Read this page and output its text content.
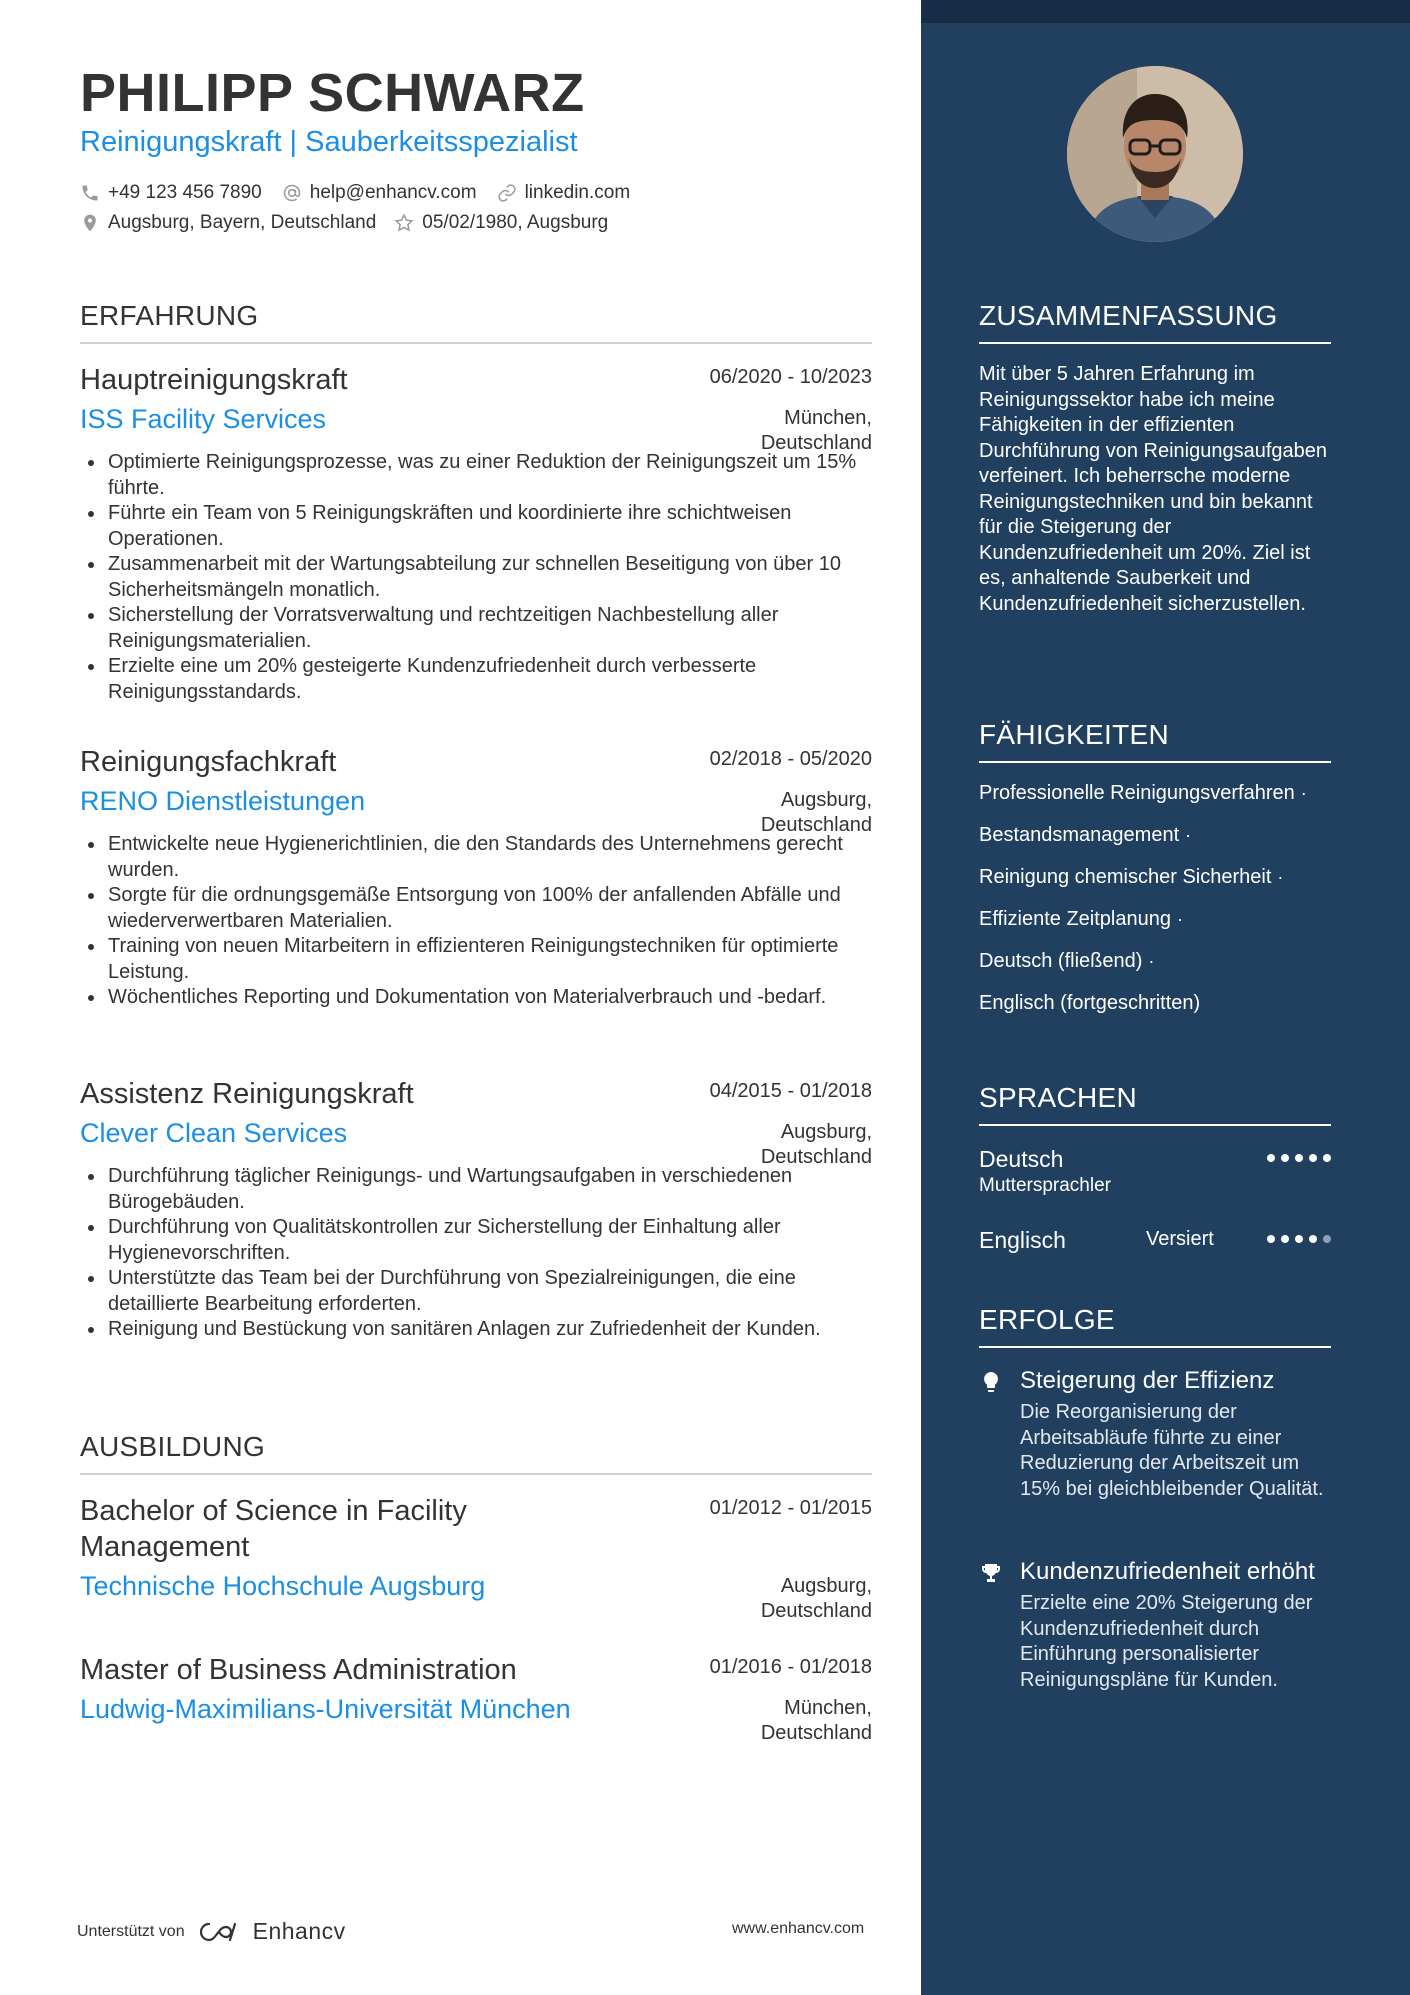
PHILIPP SCHWARZ
Reinigungskraft | Sauberkeitsspezialist
+49 123 456 7890	help@enhancv.com	linkedin.com
Augsburg, Bayern, Deutschland 05/02/1980, Augsburg
ERFAHRUNG
Hauptreinigungskraft	06/2020 - 10/2023
ISS Facility Services	München, Deutschland
Optimierte Reinigungsprozesse, was zu einer Reduktion der Reinigungszeit um 15% führte.
Führte ein Team von 5 Reinigungskräften und koordinierte ihre schichtweisen Operationen.
Zusammenarbeit mit der Wartungsabteilung zur schnellen Beseitigung von über 10 Sicherheitsmängeln monatlich.
Sicherstellung der Vorratsverwaltung und rechtzeitigen Nachbestellung aller Reinigungsmaterialien.
Erzielte eine um 20% gesteigerte Kundenzufriedenheit durch verbesserte Reinigungsstandards.
Reinigungsfachkraft	02/2018 - 05/2020
RENO Dienstleistungen	Augsburg, Deutschland
Entwickelte neue Hygienerichtlinien, die den Standards des Unternehmens gerecht wurden.
Sorgte für die ordnungsgemäße Entsorgung von 100% der anfallenden Abfälle und wiederverwertbaren Materialien.
Training von neuen Mitarbeitern in effizienteren Reinigungstechniken für optimierte Leistung.
Wöchentliches Reporting und Dokumentation von Materialverbrauch und -bedarf.
Assistenz Reinigungskraft	04/2015 - 01/2018
Clever Clean Services	Augsburg, Deutschland
Durchführung täglicher Reinigungs- und Wartungsaufgaben in verschiedenen Bürogebäuden.
Durchführung von Qualitätskontrollen zur Sicherstellung der Einhaltung aller Hygienevorschriften.
Unterstützte das Team bei der Durchführung von Spezialreinigungen, die eine detaillierte Bearbeitung erforderten.
Reinigung und Bestückung von sanitären Anlagen zur Zufriedenheit der Kunden.
AUSBILDUNG
Bachelor of Science in Facility Management
01/2012 - 01/2015
Technische Hochschule Augsburg	Augsburg, Deutschland
Master of Business Administration	01/2016 - 01/2018
Ludwig-Maximilians-Universität München	München, Deutschland
Unterstützt von	Enhancv	www.enhancv.com
ZUSAMMENFASSUNG

Mit über 5 Jahren Erfahrung im Reinigungssektor habe ich meine Fähigkeiten in der effizienten Durchführung von Reinigungsaufgaben verfeinert. Ich beherrsche moderne Reinigungstechniken und bin bekannt für die Steigerung der Kundenzufriedenheit um 20%. Ziel ist es, anhaltende Sauberkeit und Kundenzufriedenheit sicherzustellen.

FÄHIGKEITEN
Professionelle Reinigungsverfahren ·
Bestandsmanagement ·
Reinigung chemischer Sicherheit ·
Effiziente Zeitplanung ·
Deutsch (fließend) ·
Englisch (fortgeschritten)
SPRACHEN
Deutsch
Muttersprachler
Englisch	Versiert
ERFOLGE
Steigerung der Effizienz
Die Reorganisierung der Arbeitsabläufe führte zu einer Reduzierung der Arbeitszeit um 15% bei gleichbleibender Qualität.
Kundenzufriedenheit erhöht
Erzielte eine 20% Steigerung der Kundenzufriedenheit durch Einführung personalisierter Reinigungspläne für Kunden.
